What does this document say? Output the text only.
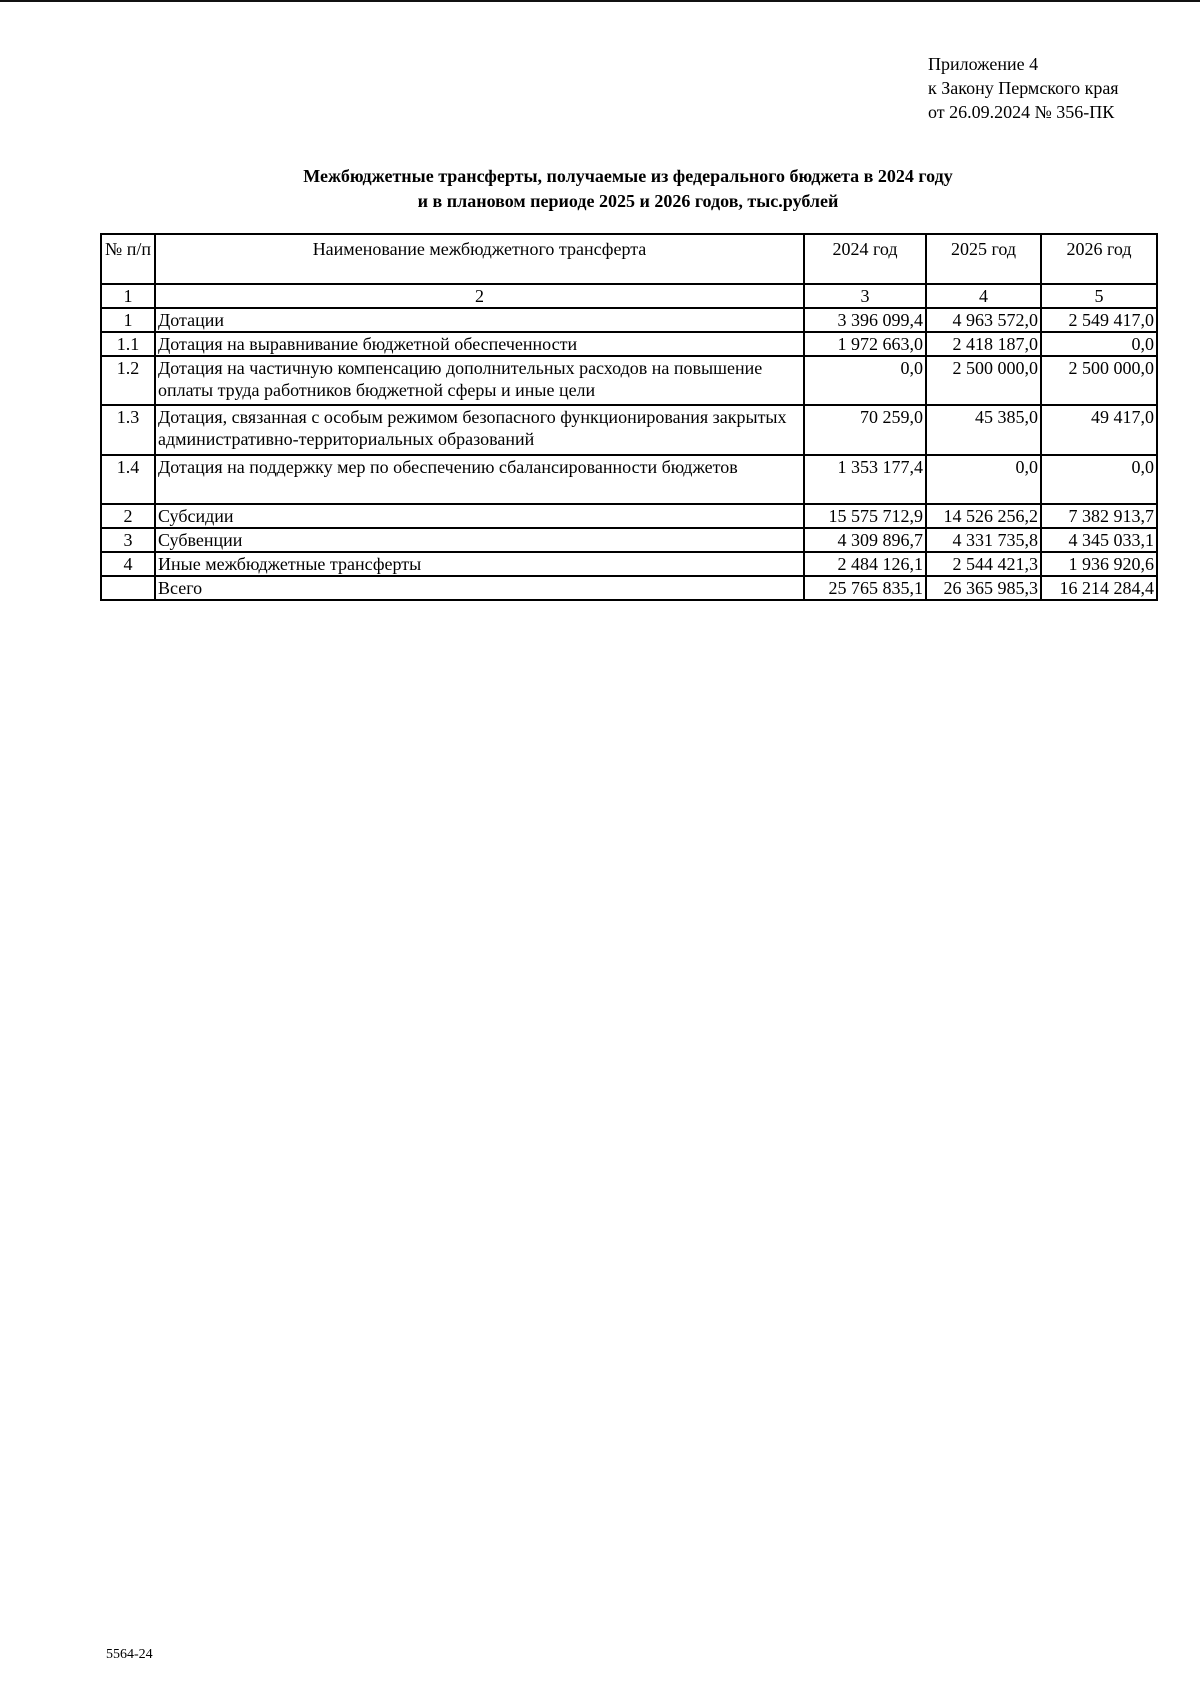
Приложение 4
к Закону Пермского края
от 26.09.2024 № 356-ПК
Межбюджетные трансферты, получаемые из федерального бюджета в 2024 году
и в плановом периоде 2025 и 2026 годов, тыс.рублей
№ п/п	Наименование межбюджетного трансферта	2024 год	2025 год	2026 год
1	2	3	4	5
1	Дотации	3 396 099,4	4 963 572,0	2 549 417,0
1.1	Дотация на выравнивание бюджетной обеспеченности	1 972 663,0	2 418 187,0	0,0
1.2	Дотация на частичную компенсацию дополнительных расходов на повышение оплаты труда работников бюджетной сферы и иные цели	0,0	2 500 000,0	2 500 000,0
1.3	Дотация, связанная с особым режимом безопасного функционирования закрытых административно-территориальных образований	70 259,0	45 385,0	49 417,0
1.4	Дотация на поддержку мер по обеспечению сбалансированности бюджетов	1 353 177,4	0,0	0,0
2	Субсидии	15 575 712,9	14 526 256,2	7 382 913,7
3	Субвенции	4 309 896,7	4 331 735,8	4 345 033,1
4	Иные межбюджетные трансферты	2 484 126,1	2 544 421,3	1 936 920,6
	Всего	25 765 835,1	26 365 985,3	16 214 284,4
5564-24
